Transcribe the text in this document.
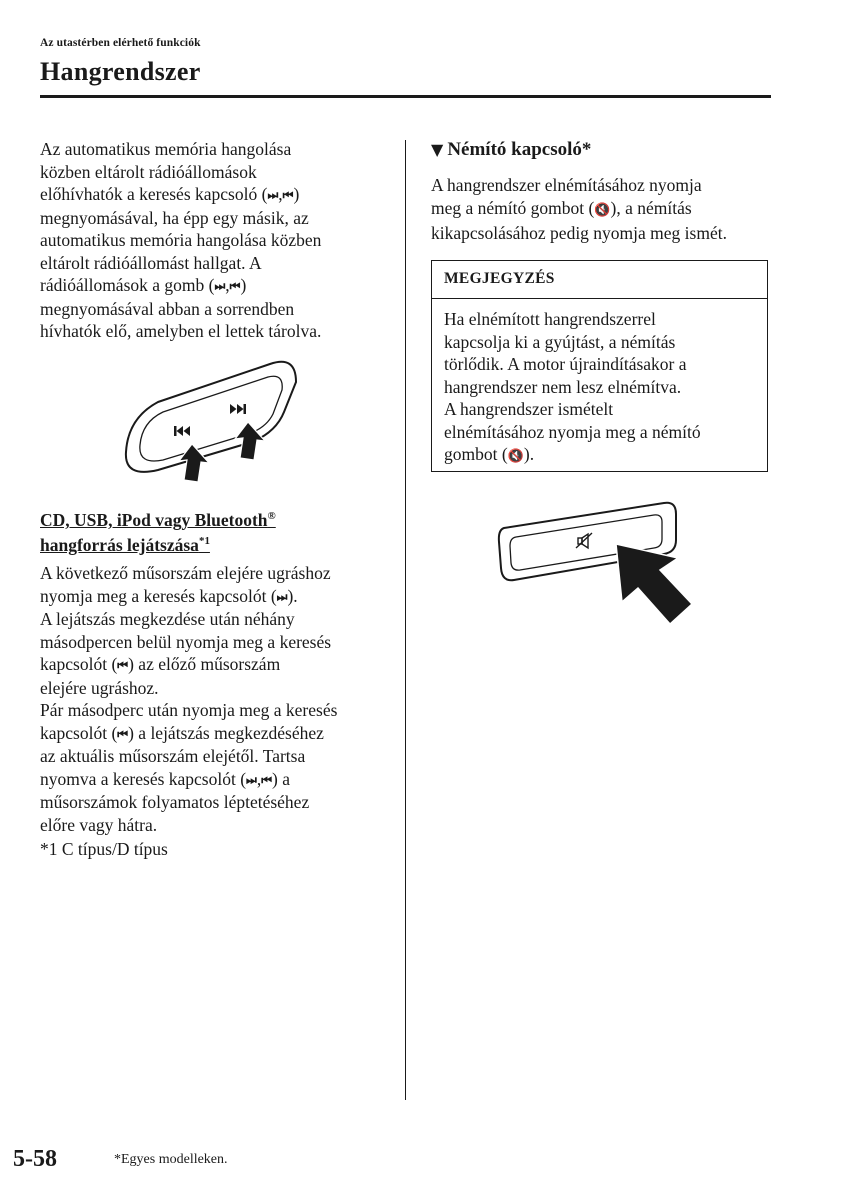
Az utastérben elérhető funkciók
Hangrendszer

Az automatikus memória hangolása

közben eltárolt rádióállomások

előhívhatók a keresés kapcsoló (⏭ ,⏮ )

megnyomásával, ha épp egy másik, az

automatikus memória hangolása közben

eltárolt rádióállomást hallgat. A

rádióállomások a gomb (⏭ ,⏮ )

megnyomásával abban a sorrendben

hívhatók elő, amelyben el lettek tárolva.

CD, USB, iPod vagy Bluetooth®
hangforrás lejátszása$^{*1}$

A következő műsorszám elejére ugráshoz

nyomja meg a keresés kapcsolót (⏭ ).

A lejátszás megkezdése után néhány

másodpercen belül nyomja meg a keresés

kapcsolót (⏮ ) az előző műsorszám

elejére ugráshoz.

Pár másodperc után nyomja meg a keresés

kapcsolót (⏮ ) a lejátszás megkezdéséhez

az aktuális műsorszám elejétől. Tartsa

nyomva a keresés kapcsolót (⏭ ,⏮ ) a

műsorszámok folyamatos léptetéséhez

előre vagy hátra.

*1 C típus/D típus
▼ Némító kapcsoló*

A hangrendszer elnémításához nyomja

meg a némító gombot (🔇), a némítás

kikapcsolásához pedig nyomja meg ismét.

MEGJEGYZÉS

Ha elnémított hangrendszerrel

kapcsolja ki a gyújtást, a némítás

törlődik. A motor újraindításakor a

hangrendszer nem lesz elnémítva.

A hangrendszer ismételt

elnémításához nyomja meg a némító

gombot (🔇).

5-58	*Egyes modelleken.
